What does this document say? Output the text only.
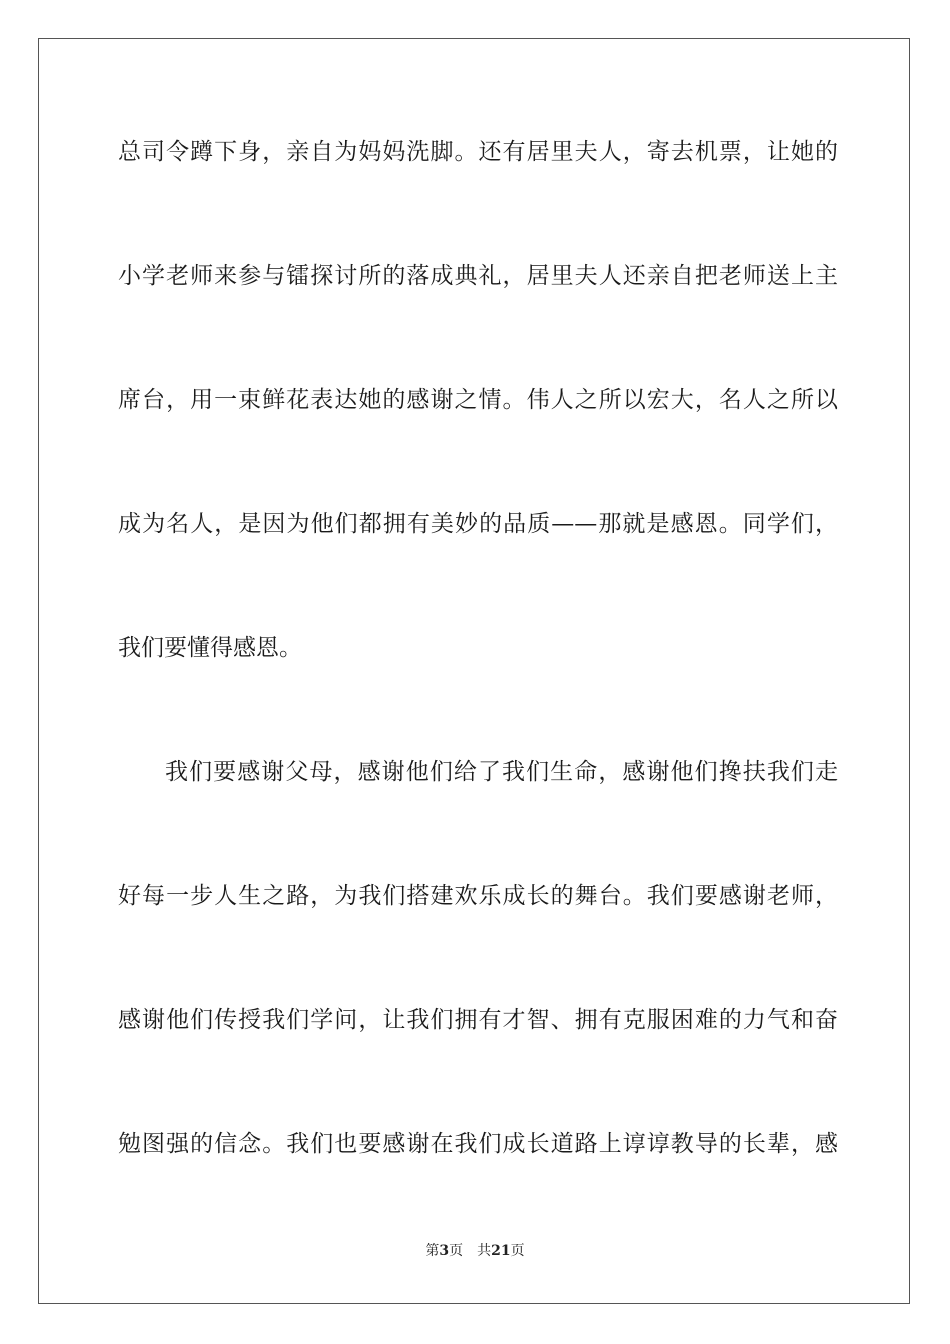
总司令蹲下身，亲自为妈妈洗脚。还有居里夫人，寄去机票，让她的
小学老师来参与镭探讨所的落成典礼，居里夫人还亲自把老师送上主
席台，用一束鲜花表达她的感谢之情。伟人之所以宏大，名人之所以
成为名人，是因为他们都拥有美妙的品质——那就是感恩。同学们，
我们要懂得感恩。
我们要感谢父母，感谢他们给了我们生命，感谢他们搀扶我们走
好每一步人生之路，为我们搭建欢乐成长的舞台。我们要感谢老师，
感谢他们传授我们学问，让我们拥有才智、拥有克服困难的力气和奋
勉图强的信念。我们也要感谢在我们成长道路上谆谆教导的长辈，感
第3页 共21页
